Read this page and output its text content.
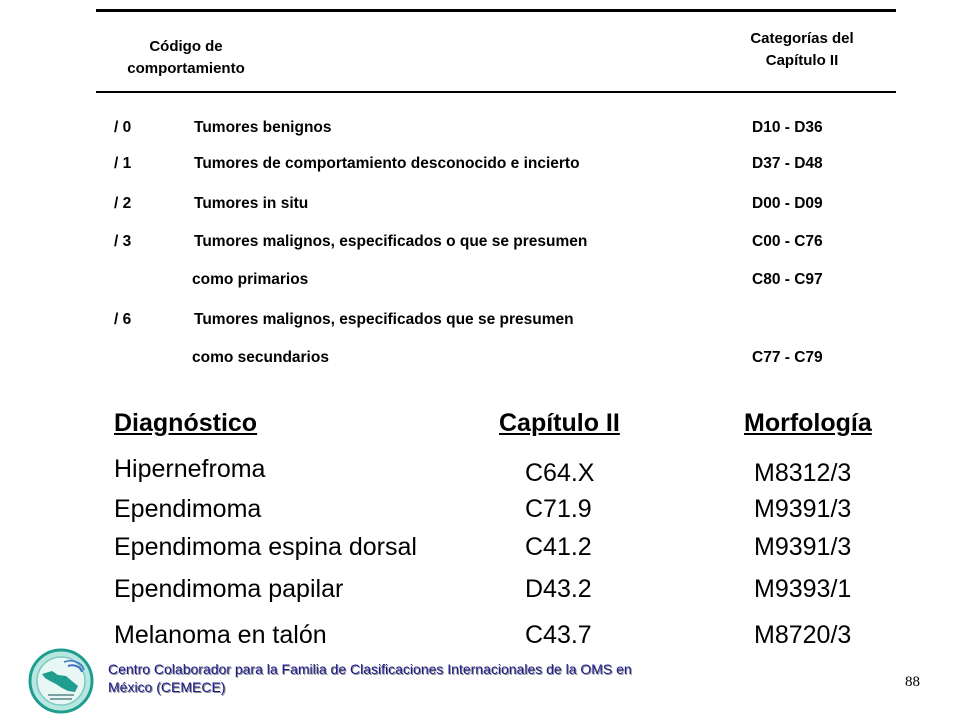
Código de
comportamiento
Categorías del
Capítulo II
/ 0	Tumores benignos	D10 - D36
/ 1	Tumores de comportamiento desconocido e incierto	D37 - D48
/ 2	Tumores in situ	D00 - D09
/ 3	Tumores malignos, especificados o que se presumen	C00 - C76
como primarios	C80 - C97
/ 6	Tumores malignos, especificados que se presumen
como secundarios	C77 - C79
Diagnóstico	Capítulo II	Morfología
Hipernefroma	C64.X	M8312/3
Ependimoma	C71.9	M9391/3
Ependimoma espina dorsal	C41.2	M9391/3
Ependimoma papilar	D43.2	M9393/1
Melanoma en talón	C43.7	M8720/3
Centro Colaborador para la Familia de Clasificaciones Internacionales de la OMS en México (CEMECE)	88
